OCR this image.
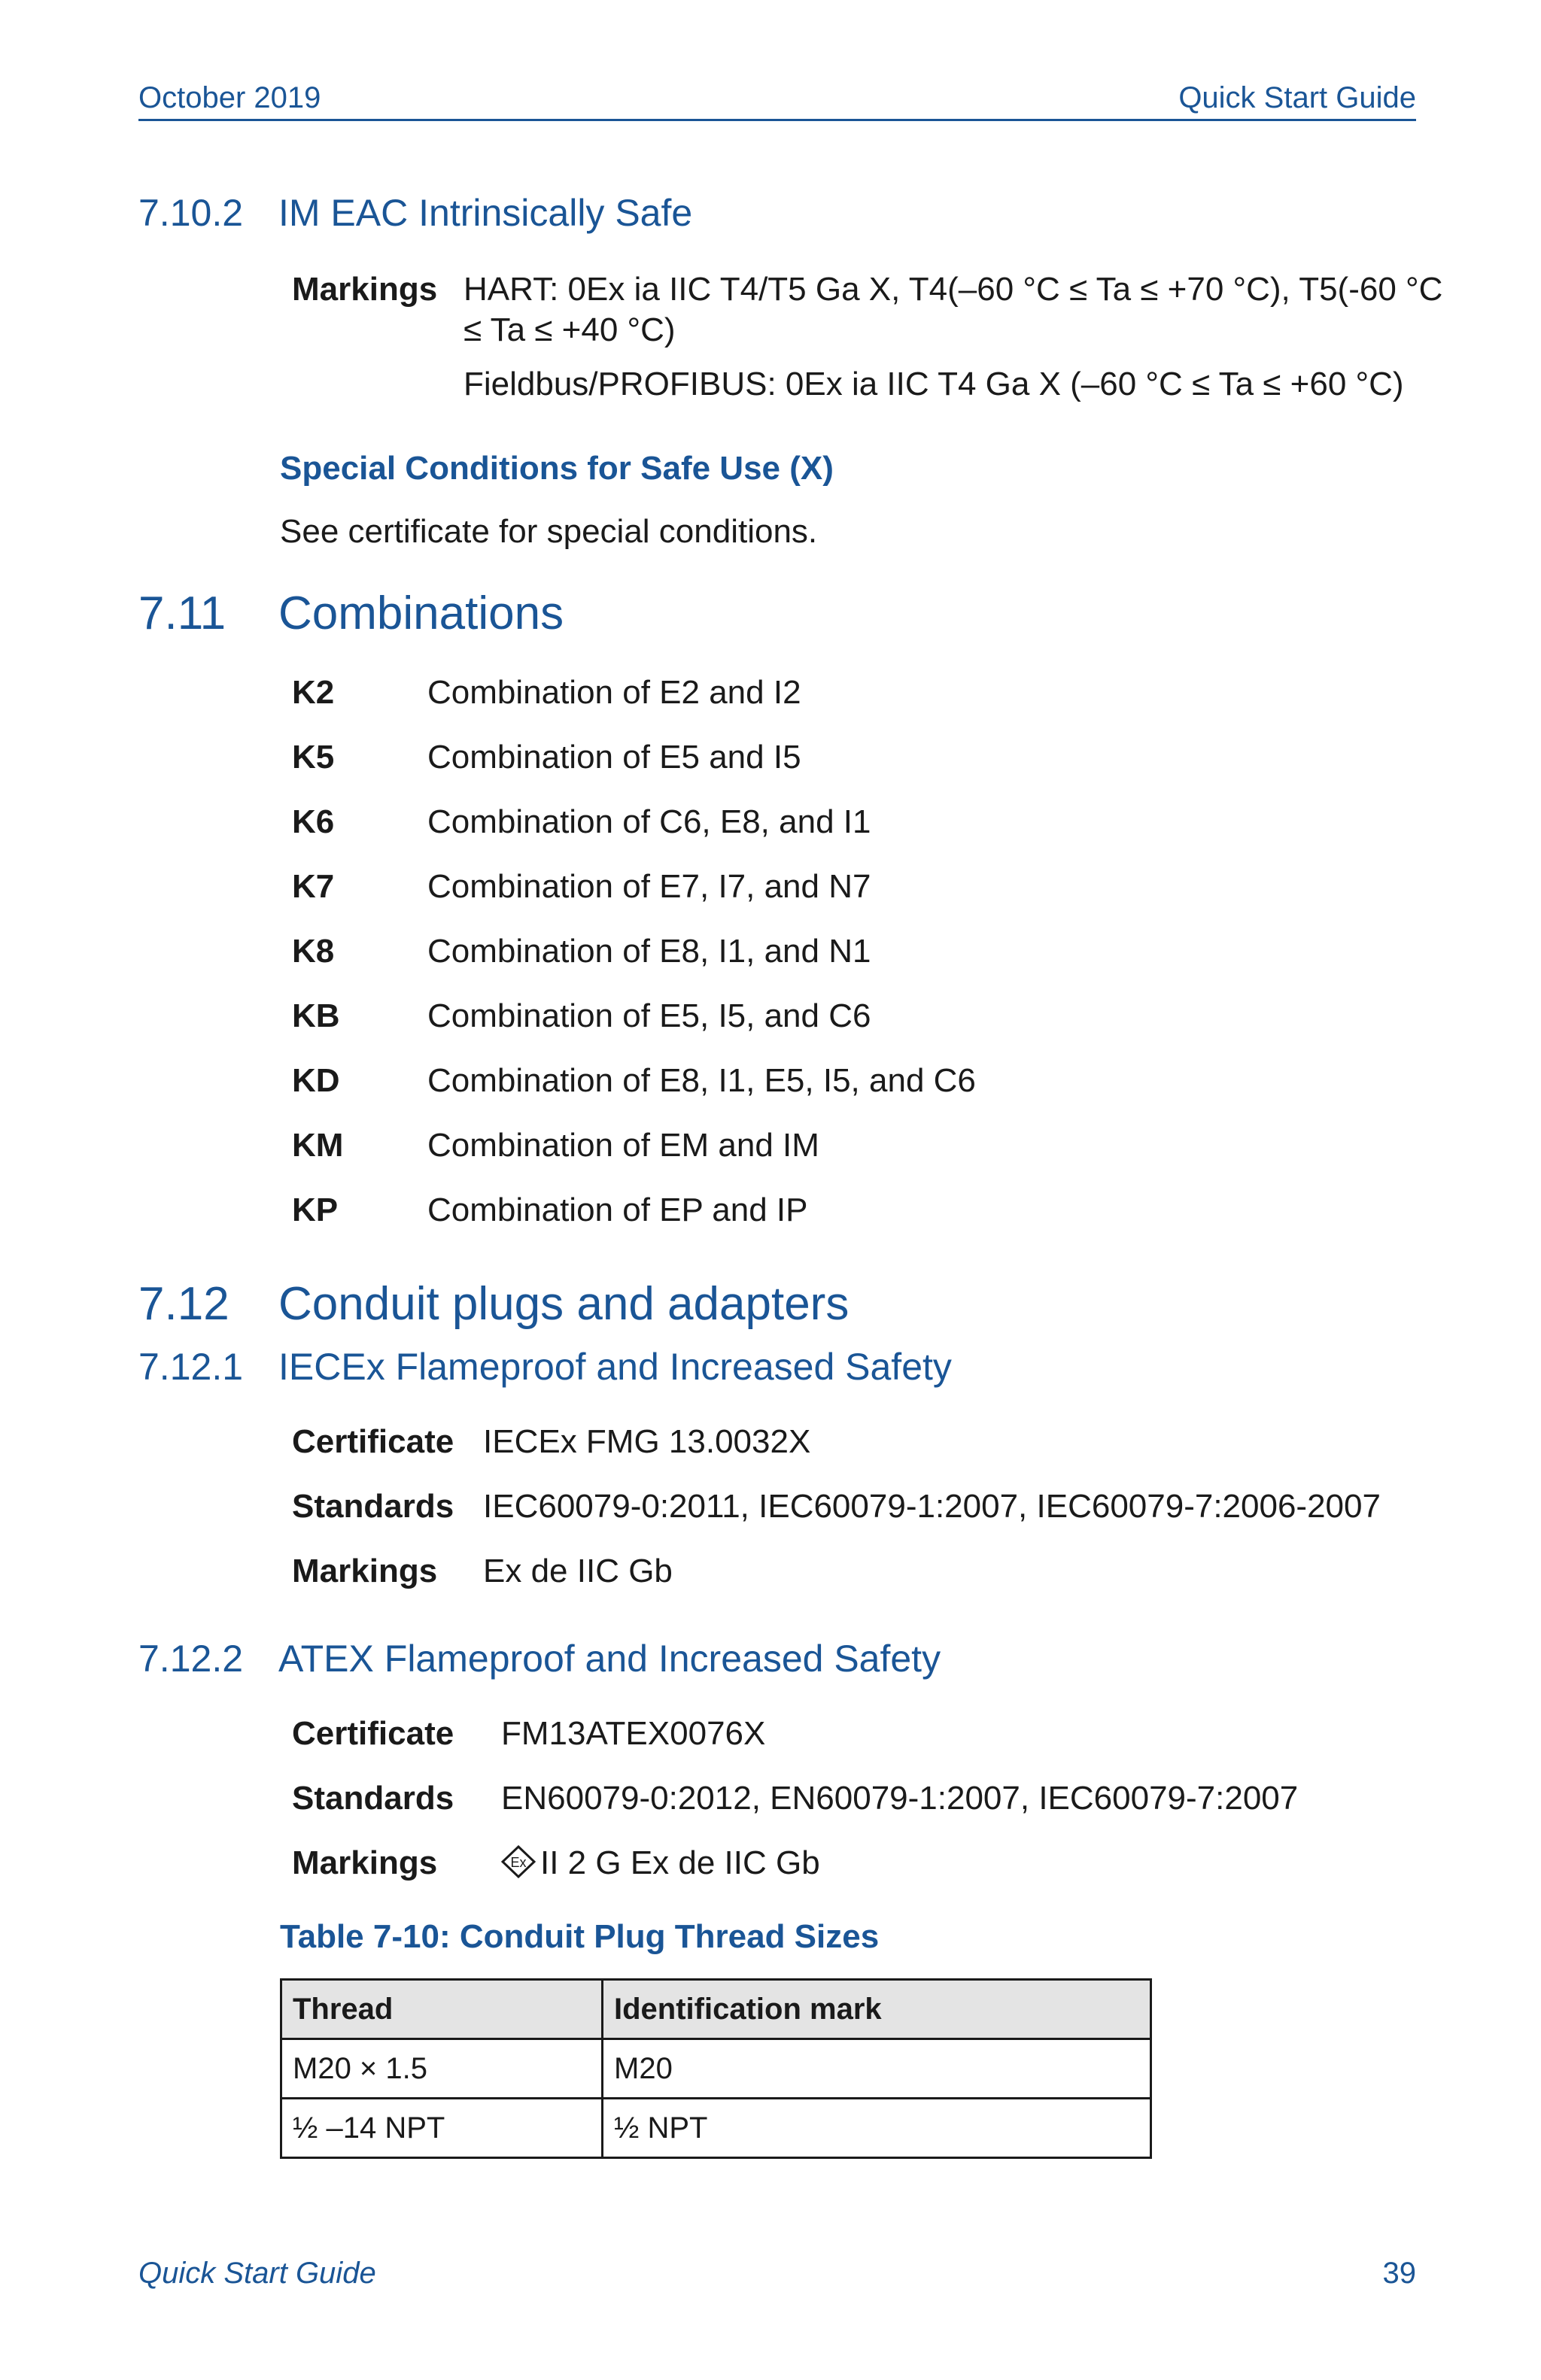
October 2019	Quick Start Guide
7.10.2 IM EAC Intrinsically Safe
Markings HART: 0Ex ia IIC T4/T5 Ga X, T4(–60 °C ≤ Ta ≤ +70 °C), T5(-60 °C
≤ Ta ≤ +40 °C)
Fieldbus/PROFIBUS: 0Ex ia IIC T4 Ga X (–60 °C ≤ Ta ≤ +60 °C)
Special Conditions for Safe Use (X)
See certificate for special conditions.
7.11 Combinations
K2	Combination of E2 and I2
K5	Combination of E5 and I5
K6	Combination of C6, E8, and I1
K7	Combination of E7, I7, and N7
K8	Combination of E8, I1, and N1
KB	Combination of E5, I5, and C6
KD	Combination of E8, I1, E5, I5, and C6
KM	Combination of EM and IM
KP	Combination of EP and IP
7.12 Conduit plugs and adapters
7.12.1 IECEx Flameproof and Increased Safety
Certificate IECEx FMG 13.0032X
Standards IEC60079-0:2011, IEC60079-1:2007, IEC60079-7:2006-2007
Markings Ex de IIC Gb
7.12.2 ATEX Flameproof and Increased Safety
Certificate FM13ATEX0076X
Standards EN60079-0:2012, EN60079-1:2007, IEC60079-7:2007
Markings	Ex II 2 G Ex de IIC Gb
Table 7-10: Conduit Plug Thread Sizes
Thread	Identification mark
M20 × 1.5	M20
½ –14 NPT	½ NPT
Quick Start Guide	39
